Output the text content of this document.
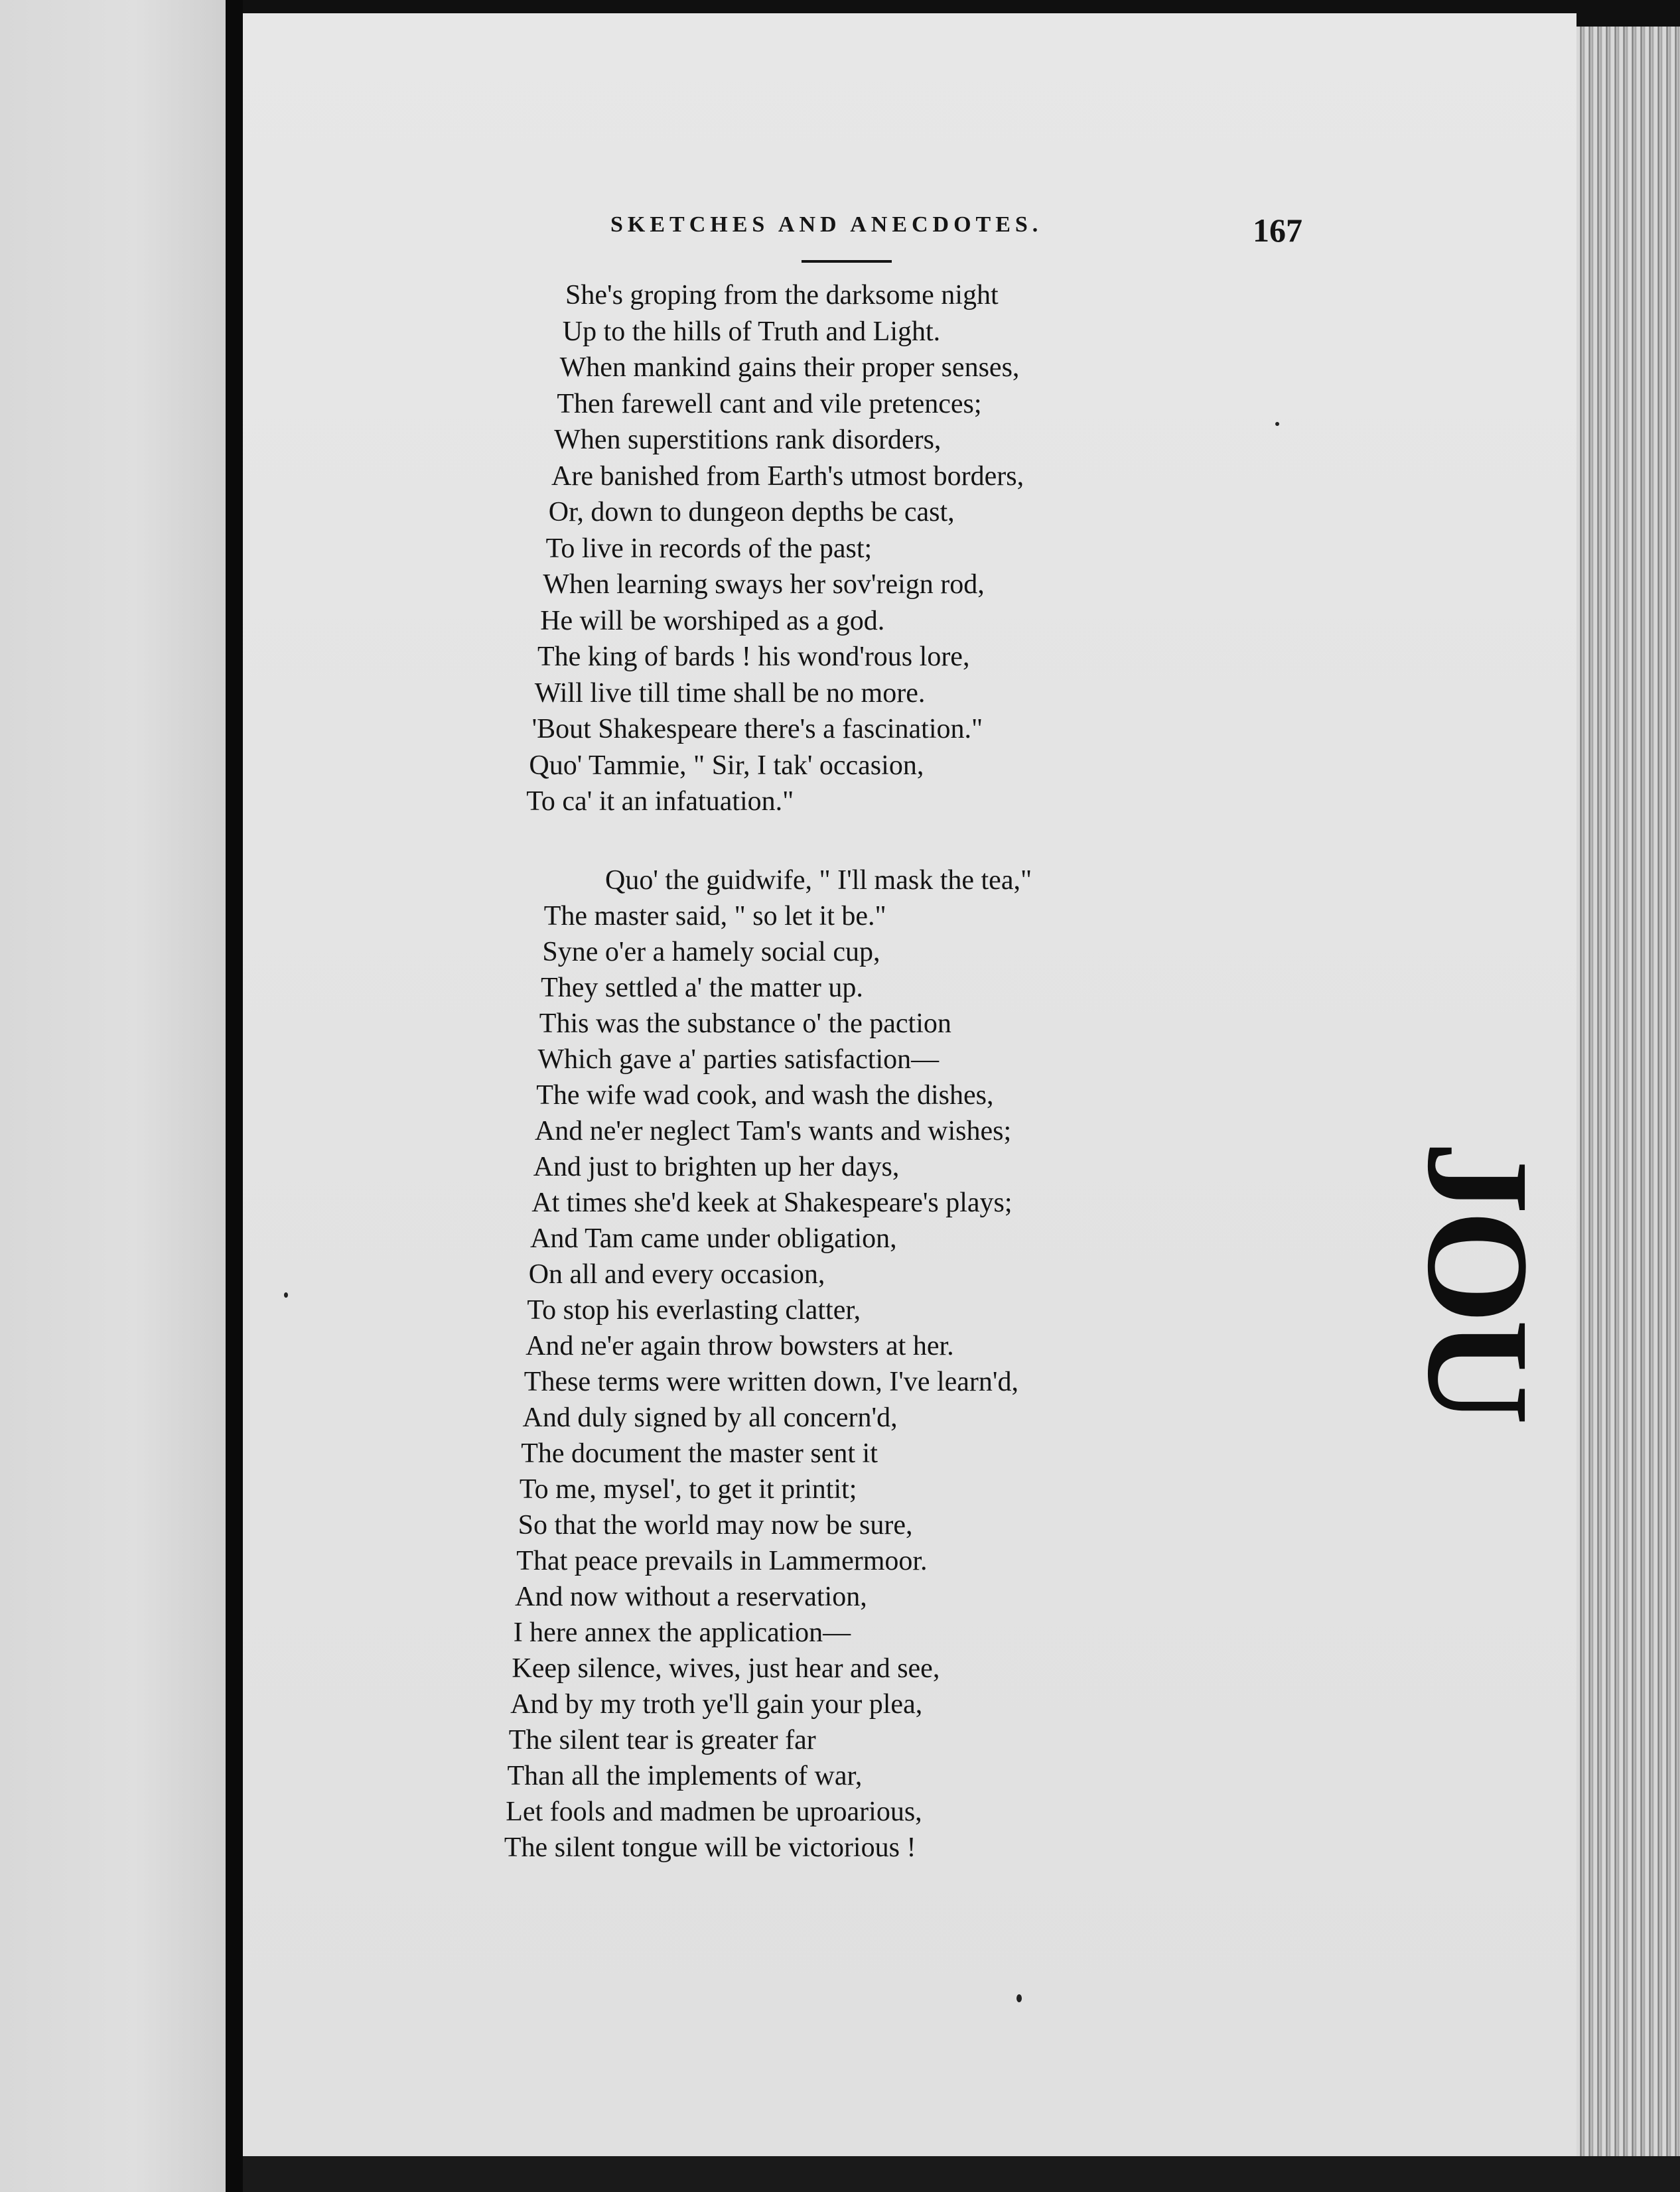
SKETCHES AND ANECDOTES.	167
JOU
She's groping from the darksome night
Up to the hills of Truth and Light.
When mankind gains their proper senses,
Then farewell cant and vile pretences;
When superstitions rank disorders,
Are banished from Earth's utmost borders,
Or, down to dungeon depths be cast,
To live in records of the past;
When learning sways her sov'reign rod,
He will be worshiped as a god.
The king of bards ! his wond'rous lore,
Will live till time shall be no more.
'Bout Shakespeare there's a fascination."
Quo' Tammie, " Sir, I tak' occasion,
To ca' it an infatuation."
Quo' the guidwife, " I'll mask the tea,"
The master said, " so let it be."
Syne o'er a hamely social cup,
They settled a' the matter up.
This was the substance o' the paction
Which gave a' parties satisfaction—
The wife wad cook, and wash the dishes,
And ne'er neglect Tam's wants and wishes;
And just to brighten up her days,
At times she'd keek at Shakespeare's plays;
And Tam came under obligation,
On all and every occasion,
To stop his everlasting clatter,
And ne'er again throw bowsters at her.
These terms were written down, I've learn'd,
And duly signed by all concern'd,
The document the master sent it
To me, mysel', to get it printit;
So that the world may now be sure,
That peace prevails in Lammermoor.
And now without a reservation,
I here annex the application—
Keep silence, wives, just hear and see,
And by my troth ye'll gain your plea,
The silent tear is greater far
Than all the implements of war,
Let fools and madmen be uproarious,
The silent tongue will be victorious !
